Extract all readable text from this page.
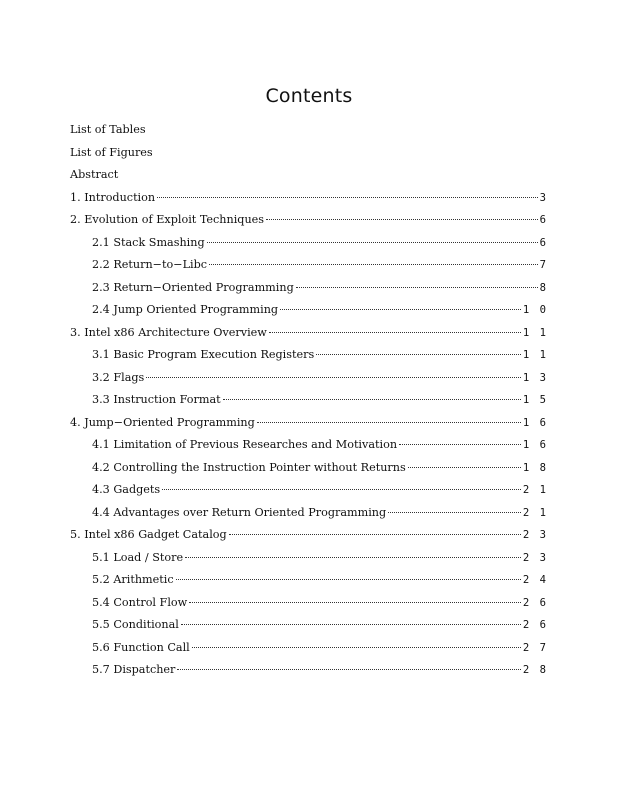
Contents
List of Tables
List of Figures
Abstract
1. Introduction	3
2. Evolution of Exploit Techniques	6
2.1 Stack Smashing	6
2.2 Return−to−Libc	7
2.3 Return−Oriented Programming	8
2.4 Jump Oriented Programming	1 0
3. Intel x86 Architecture Overview	1 1
3.1 Basic Program Execution Registers	1 1
3.2 Flags	1 3
3.3 Instruction Format	1 5
4. Jump−Oriented Programming	1 6
4.1 Limitation of Previous Researches and Motivation	1 6
4.2 Controlling the Instruction Pointer without Returns	1 8
4.3 Gadgets	2 1
4.4 Advantages over Return Oriented Programming	2 1
5. Intel x86 Gadget Catalog	2 3
5.1 Load / Store	2 3
5.2 Arithmetic	2 4
5.4 Control Flow	2 6
5.5 Conditional	2 6
5.6 Function Call	2 7
5.7 Dispatcher	2 8
